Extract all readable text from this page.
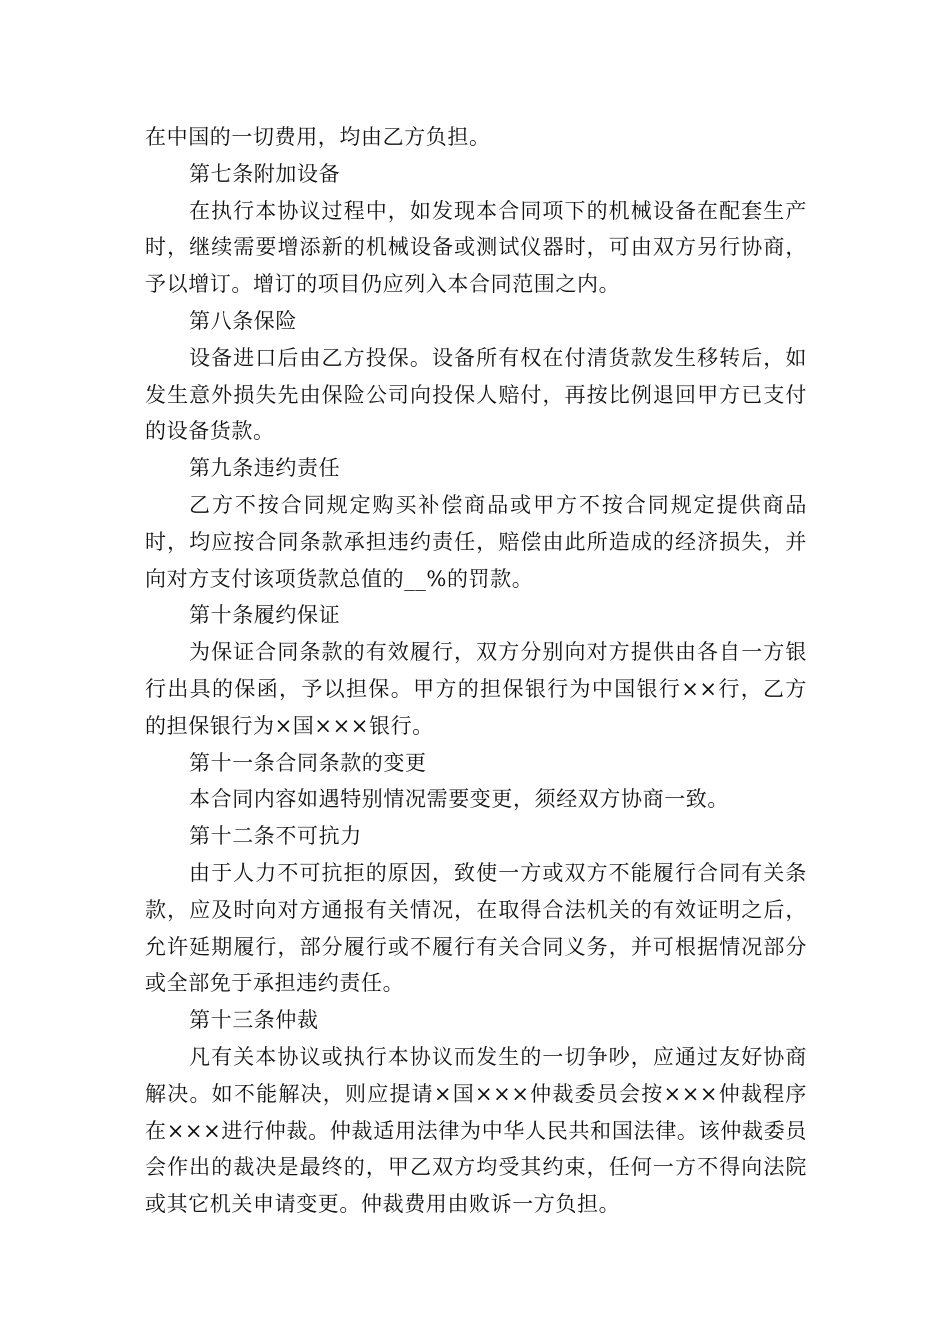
在中国的一切费用，均由乙方负担。

第七条附加设备

在执行本协议过程中，如发现本合同项下的机械设备在配套生产时，继续需要增添新的机械设备或测试仪器时，可由双方另行协商，予以增订。增订的项目仍应列入本合同范围之内。

第八条保险

设备进口后由乙方投保。设备所有权在付清货款发生移转后，如发生意外损失先由保险公司向投保人赔付，再按比例退回甲方已支付的设备货款。

第九条违约责任

乙方不按合同规定购买补偿商品或甲方不按合同规定提供商品时，均应按合同条款承担违约责任，赔偿由此所造成的经济损失，并向对方支付该项货款总值的__%的罚款。

第十条履约保证

为保证合同条款的有效履行，双方分别向对方提供由各自一方银行出具的保函，予以担保。甲方的担保银行为中国银行××行，乙方的担保银行为×国×××银行。

第十一条合同条款的变更

本合同内容如遇特别情况需要变更，须经双方协商一致。

第十二条不可抗力

由于人力不可抗拒的原因，致使一方或双方不能履行合同有关条款，应及时向对方通报有关情况，在取得合法机关的有效证明之后，允许延期履行，部分履行或不履行有关合同义务，并可根据情况部分或全部免于承担违约责任。

第十三条仲裁

凡有关本协议或执行本协议而发生的一切争吵，应通过友好协商解决。如不能解决，则应提请×国×××仲裁委员会按×××仲裁程序在×××进行仲裁。仲裁适用法律为中华人民共和国法律。该仲裁委员会作出的裁决是最终的，甲乙双方均受其约束，任何一方不得向法院或其它机关申请变更。仲裁费用由败诉一方负担。
